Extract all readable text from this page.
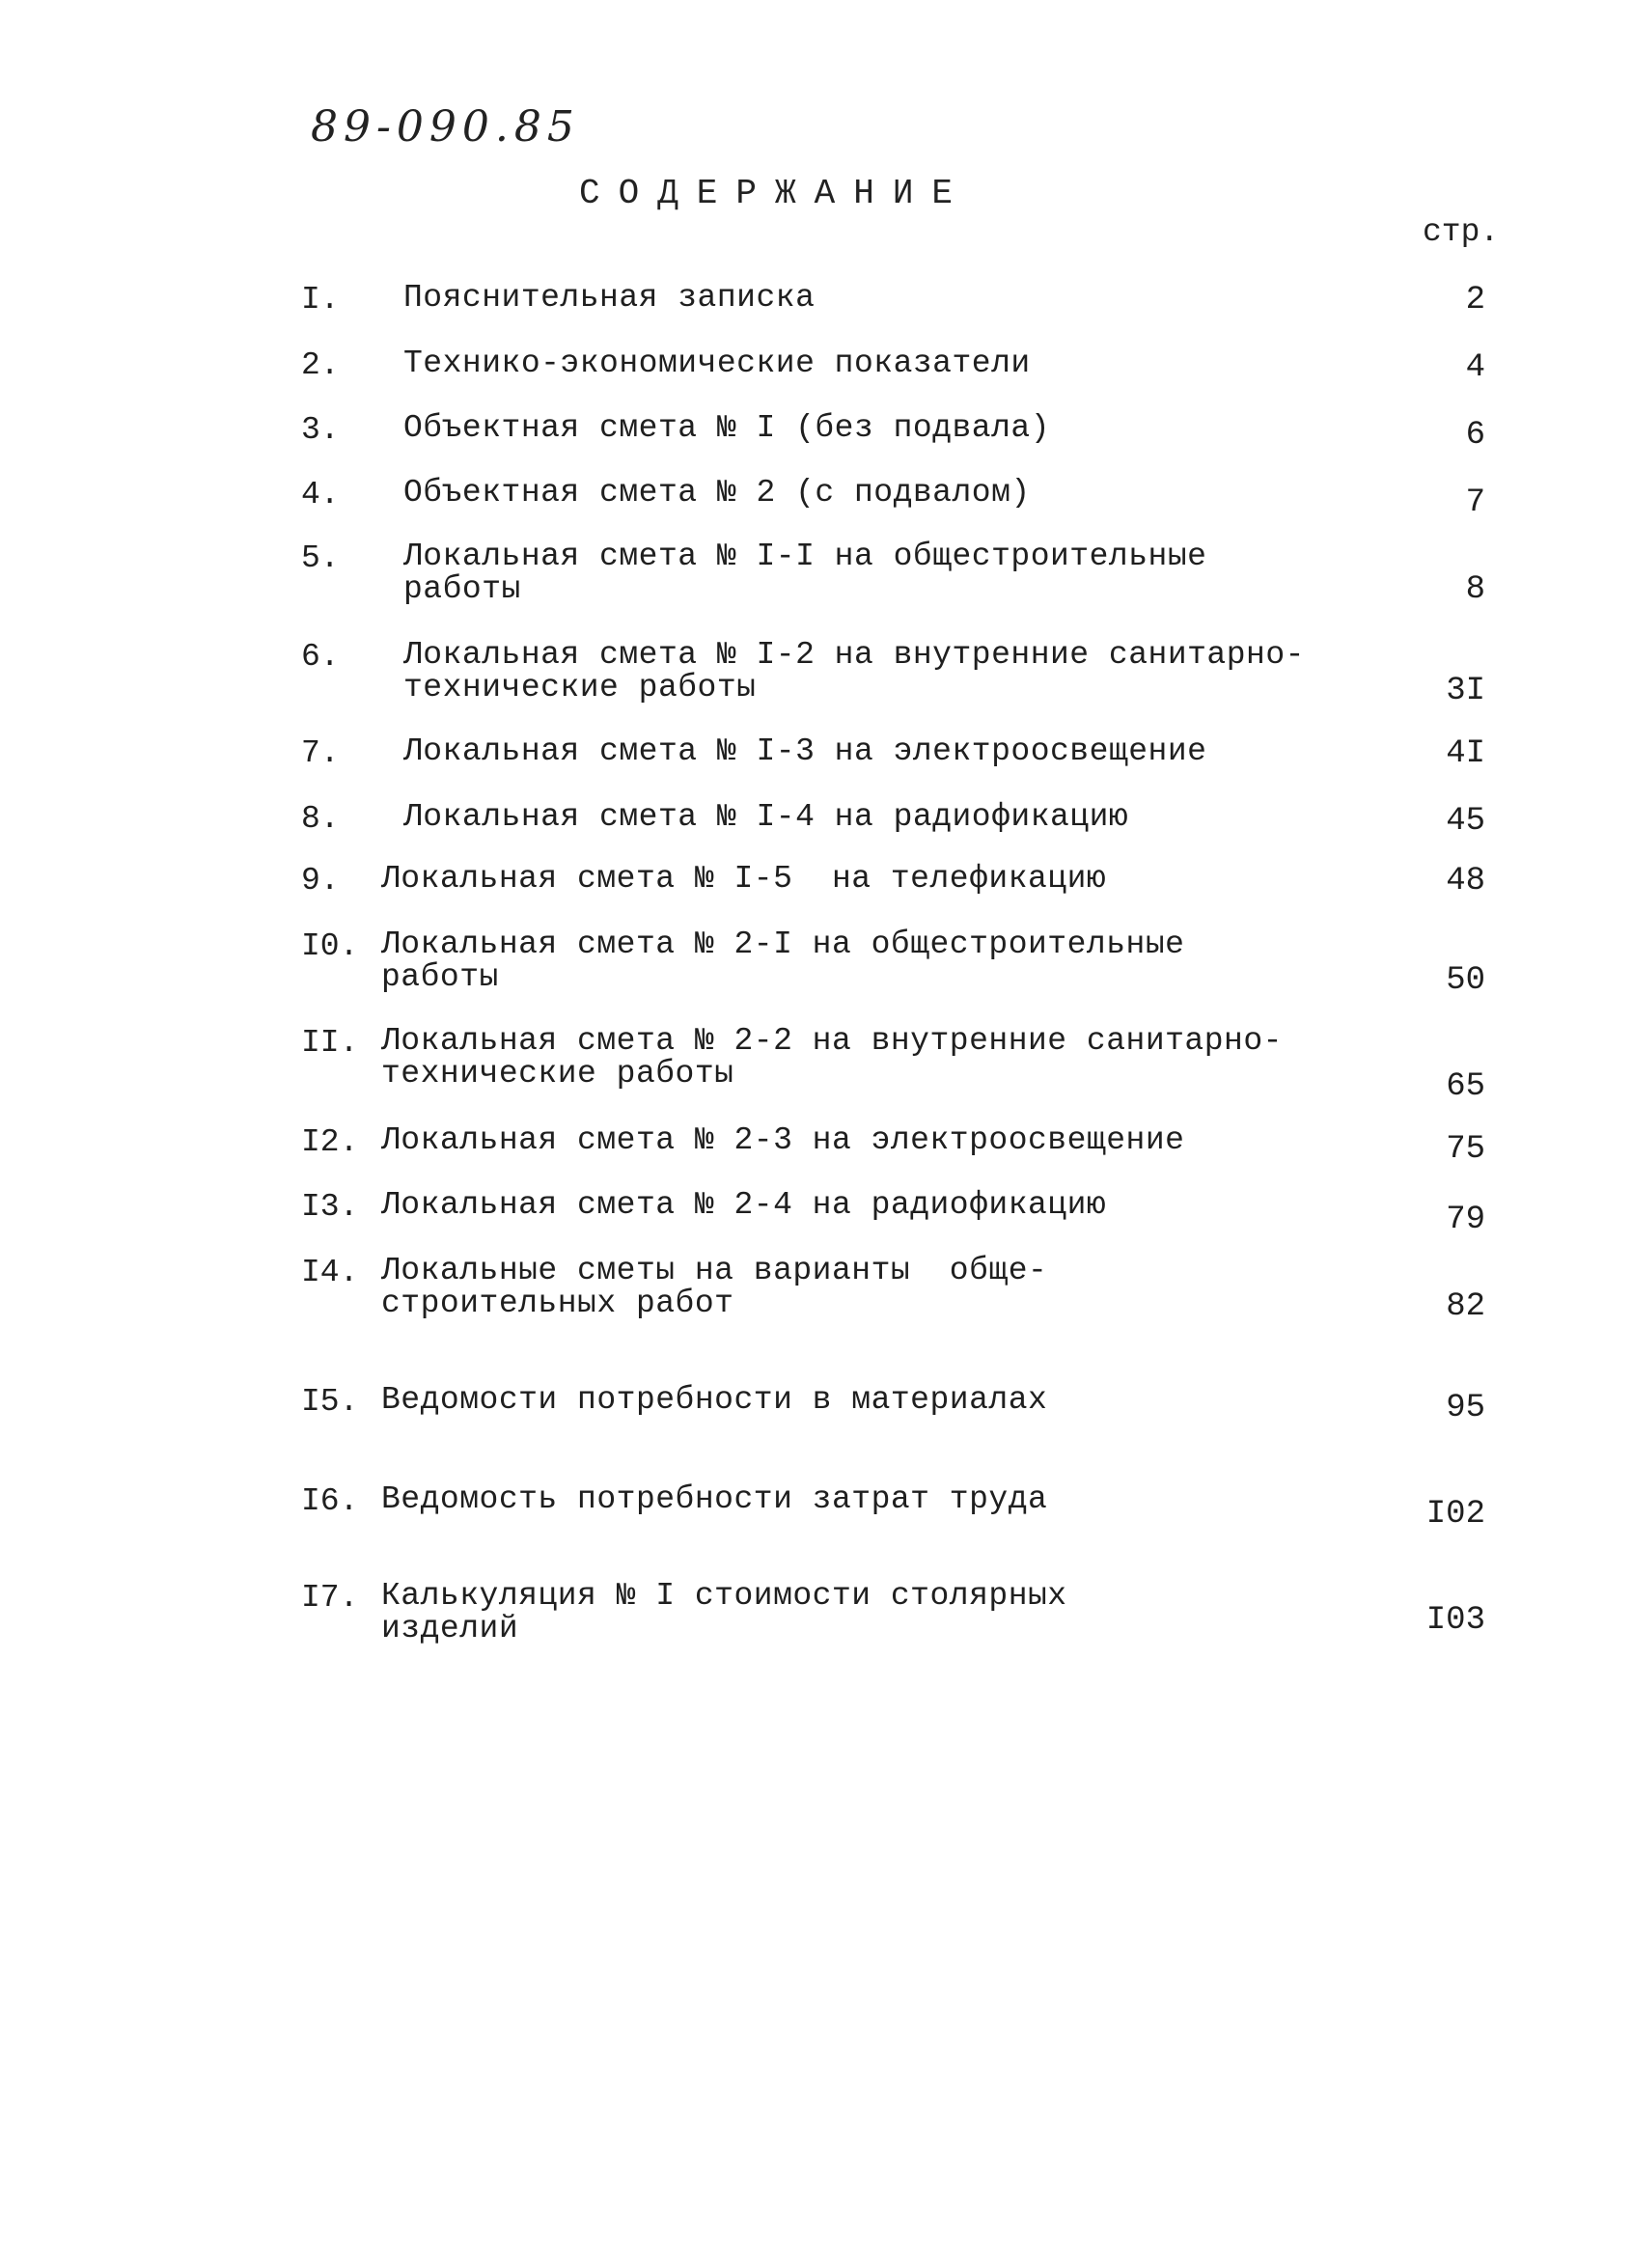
89-090.85
СОДЕРЖАНИЕ
стр.
I. Пояснительная записка	2
2. Технико-экономические показатели	4
3. Объектная смета № I (без подвала)	6
4. Объектная смета № 2 (с подвалом)	7
5. Локальная смета № I-I на общестроительные
работы	8
6. Локальная смета № I-2 на внутренние санитарно-
технические работы	3I
7. Локальная смета № I-3 на электроосвещение	4I
8. Локальная смета № I-4 на радиофикацию	45
9. Локальная смета № I-5  на телефикацию	48
I0. Локальная смета № 2-I на общестроительные
работы	50
II. Локальная смета № 2-2 на внутренние санитарно-
технические работы	65
I2. Локальная смета № 2-3 на электроосвещение	75
I3. Локальная смета № 2-4 на радиофикацию	79
I4. Локальные сметы на варианты  обще-
строительных работ	82
I5. Ведомости потребности в материалах	95
I6. Ведомость потребности затрат труда	I02
I7. Калькуляция № I стоимости столярных
изделий	I03
